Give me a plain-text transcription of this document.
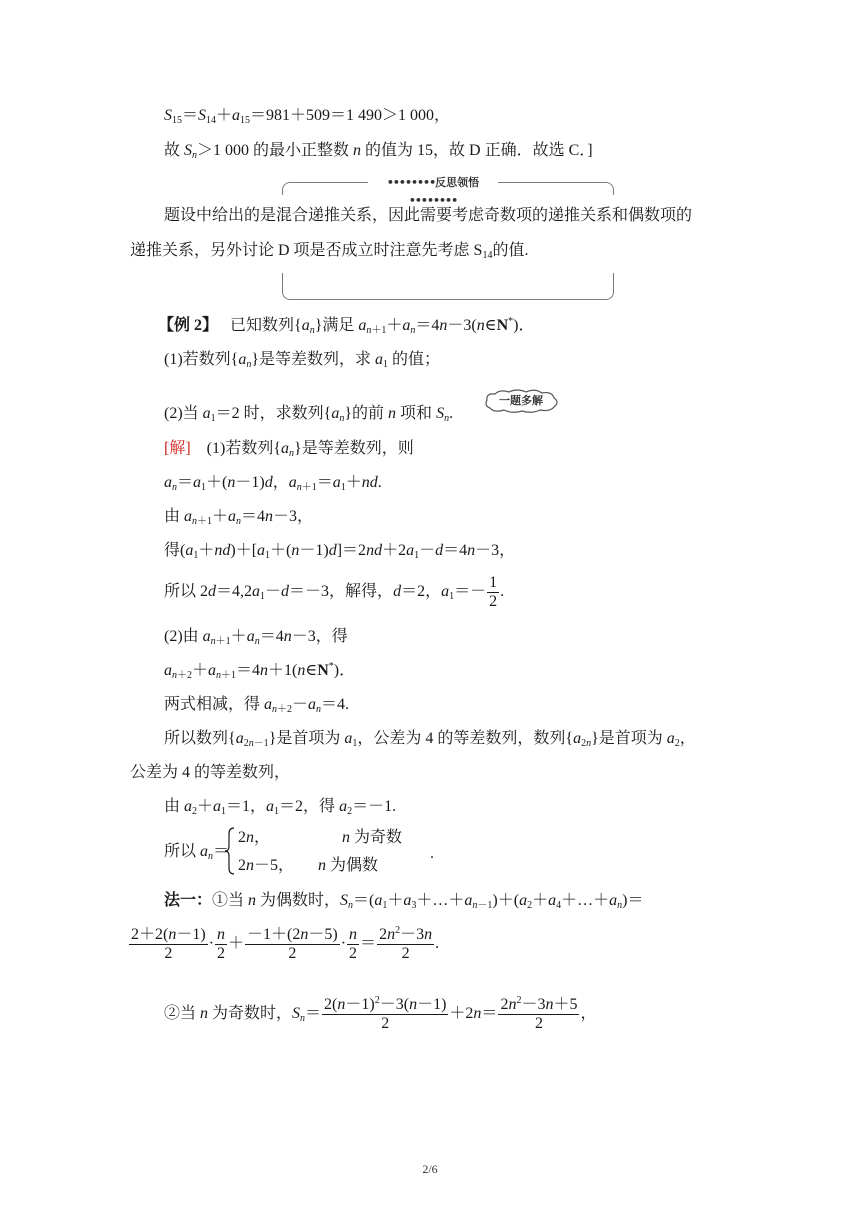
$S_{15}=S_{14}+a_{15}=981+509=1$ 490＞1 000，
故 $S_n>1$ 000 的最小正整数 n 的值为 15，故 D 正确．故选 C．]
••••••••反思领悟••••••••
题设中给出的是混合递推关系，因此需要考虑奇数项的递推关系和偶数项的
递推关系，另外讨论 D 项是否成立时注意先考虑 $S_{14}$的值.
【例 2】　 已知数列$\{a_n\}$满足 $a_{n+1}+a_n=4n-3(n\in N^*)$．
(1)若数列$\{a_n\}$是等差数列，求 $a_1$ 的值；
(2)当 $a_1=2$ 时，求数列$\{a_n\}$的前 n 项和 $S_n$.
一题多解
[解]　(1)若数列$\{a_n\}$是等差数列，则
$a_n=a_1+(n-1)d$，$a_{n+1}=a_1+nd$.
由 $a_{n+1}+a_n=4n-3$，
得$(a_1+nd)+[a_1+(n-1)d]=2nd+2a_1-d=4n-3$，
所以 $2d=4,2a_1-d=-3$，解得，d＝2，$a_1=- \frac{1}{2}$ .
(2)由 $a_{n+1}+a_n=4n-3$，得
$a_{n+2}+a_{n+1}=4n+1(n\in N^*)$．
两式相减，得 $a_{n+2}-a_n=4$.
所以数列$\{a_{2n-1}\}$是首项为 $a_1$，公差为 4 的等差数列，数列$\{a_{2n}\}$是首项为 $a_2$，
公差为 4 的等差数列，
由 $a_2+a_1=1$，$a_1=2$，得 $a_2=-1$.
所以 $a_n=$
2n，	n 为奇数
2n－5， n 为偶数
.
法一：①当 n 为偶数时，$S_n=(a_1+a_3+\dots+a_{n-1})+(a_2+a_4+\dots+a_n)=$
$\frac{2+2(n-1)}{2} \cdot \frac{n}{2} + \frac{-1+(2n-5)}{2} \cdot \frac{n}{2} = \frac{2n^2-3n}{2}$ .
②当 n 为奇数时，$S_n= \frac{2(n-1)^2-3(n-1)}{2} +2n= \frac{2n^2-3n+5}{2}$ ，
2/6
